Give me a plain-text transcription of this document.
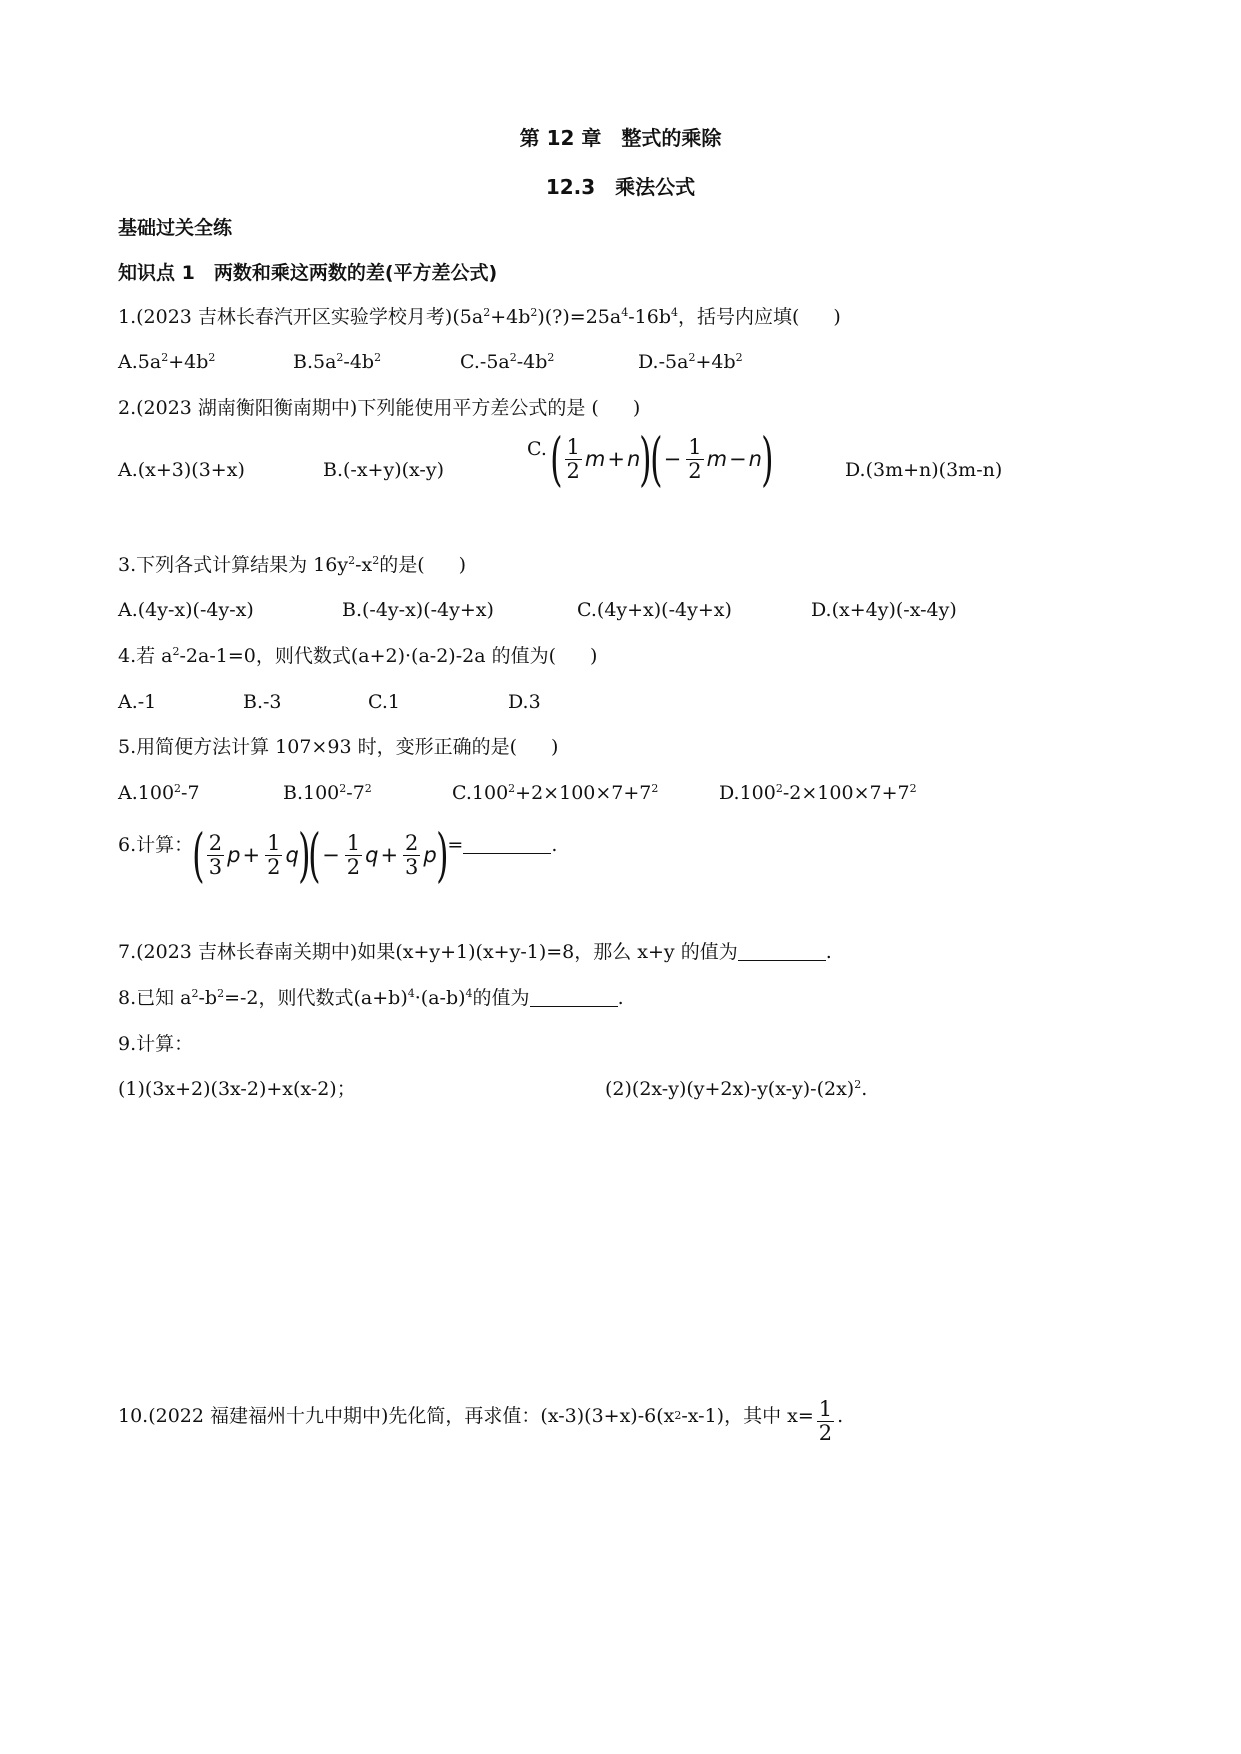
第 12 章　整式的乘除
12.3　乘法公式
基础过关全练
知识点 1　两数和乘这两数的差(平方差公式)
1.(2023 吉林长春汽开区实验学校月考)$(5a^2+4b^2)(?)=25a^4-16b^4$，括号内应填( )
$A.5a^2+4b^2$	$B.5a^2-4b^2$	$C.-5a^2-4b^2$	$D.-5a^2+4b^2$
2.(2023 湖南衡阳衡南期中)下列能使用平方差公式的是 ( )
A.(x+3)(3+x)	B.(-x+y)(x-y)
C. ( $\frac{1}{2}$ m + n )
( − $\frac{1}{2}$ m − n )	D.(3m+n)(3m-n)
3.下列各式计算结果为 $16y^2-x^2$的是( )
A.(4y-x)(-4y-x)	B.(-4y-x)(-4y+x)	C.(4y+x)(-4y+x)	D.(x+4y)(-x-4y)
4.若 $a^2-2a-1=0$，则代数式(a+2)·(a-2)-2a 的值为( )
A.-1	B.-3	C.1	D.3
5.用简便方法计算 107×93 时，变形正确的是( )
A.100$^2$-7	$B.100^2-7^2$	$C.100^2+2\times 100\times 7+7^2$	$D.100^2-2\times 100\times 7+7^2$
6.计算： ( $\frac{2}{3}$ $p + \frac{1}{2}$ q )
( − $\frac{1}{2}$ $q + \frac{2}{3}$ p ) =	.
7.(2023 吉林长春南关期中)如果(x+y+1)(x+y-1)=8，那么 x+y 的值为	.
8.已知 $a^2-b^2=-2$，则代数式$(a+b)^4\cdot(a-b)^4$的值为	.
9.计算：
(1)(3x+2)(3x-2)+x(x-2)；	$(2)(2x-y)(y+2x)-y(x-y)-(2x)^2$.
10.(2022 福建福州十九中期中)先化简，再求值：(x-3)(3+x)-6(x 2 -x-1)，其中 $x= \frac{1}{2}$ .
